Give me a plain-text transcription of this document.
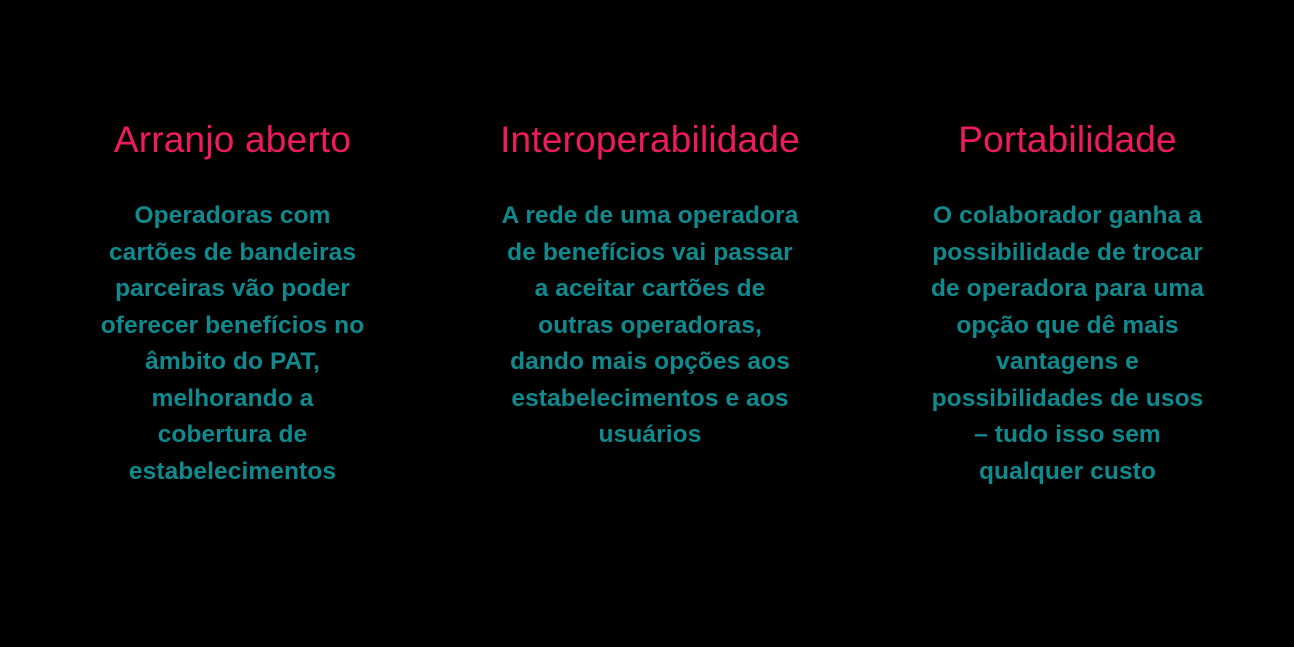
Arranjo aberto

Operadoras com cartões de bandeiras parceiras vão poder oferecer benefícios no âmbito do PAT, melhorando a cobertura de estabelecimentos

Interoperabilidade

A rede de uma operadora de benefícios vai passar a aceitar cartões de outras operadoras, dando mais opções aos estabelecimentos e aos usuários

Portabilidade

O colaborador ganha a possibilidade de trocar de operadora para uma opção que dê mais vantagens e possibilidades de usos – tudo isso sem qualquer custo
